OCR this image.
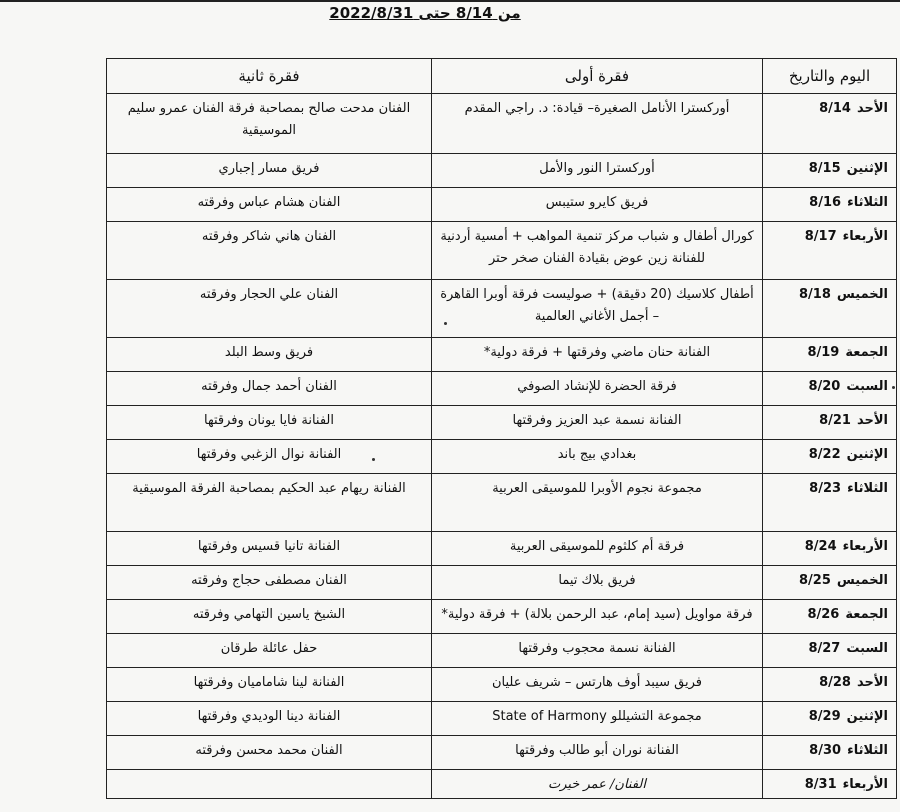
من 8/14 حتى 2022/8/31
اليوم والتاريخ	فقرة أولى	فقرة ثانية
الأحد8/14	أوركسترا الأنامل الصغيرة– قيادة: د. راجي المقدم	الفنان مدحت صالح بمصاحبة فرقة الفنان عمرو سليم الموسيقية
الإثنين8/15	أوركسترا النور والأمل	فريق مسار إجباري
الثلاثاء8/16	فريق كايرو ستيبس	الفنان هشام عباس وفرقته
الأربعاء8/17	كورال أطفال و شباب مركز تنمية المواهب + أمسية أردنية للفنانة زين عوض بقيادة الفنان صخر حتر	الفنان هاني شاكر وفرقته
الخميس8/18	أطفال كلاسيك (20 دقيقة) + صوليست فرقة أوبرا القاهرة – أجمل الأغاني العالمية	الفنان علي الحجار وفرقته
الجمعة8/19	الفنانة حنان ماضي وفرقتها + فرقة دولية*	فريق وسط البلد
السبت8/20	فرقة الحضرة للإنشاد الصوفي	الفنان أحمد جمال وفرقته
الأحد8/21	الفنانة نسمة عبد العزيز وفرقتها	الفنانة فايا يونان وفرقتها
الإثنين8/22	بغدادي بيج باند	الفنانة نوال الزغبي وفرقتها
الثلاثاء8/23	مجموعة نجوم الأوبرا للموسيقى العربية	الفنانة ريهام عبد الحكيم بمصاحبة الفرقة الموسيقية
الأربعاء8/24	فرقة أم كلثوم للموسيقى العربية	الفنانة تانيا قسيس وفرقتها
الخميس8/25	فريق بلاك تيما	الفنان مصطفى حجاج وفرقته
الجمعة8/26	فرقة مواويل (سيد إمام، عبد الرحمن بلالة) + فرقة دولية*	الشيخ ياسين التهامي وفرقته
السبت8/27	الفنانة نسمة محجوب وفرقتها	حفل عائلة طرقان
الأحد8/28	فريق سيبد أوف هارتس – شريف عليان	الفنانة لينا شاماميان وفرقتها
الإثنين8/29	مجموعة التشيللو State of Harmony	الفنانة دينا الوديدي وفرقتها
الثلاثاء8/30	الفنانة نوران أبو طالب وفرقتها	الفنان محمد محسن وفرقته
الأربعاء8/31	الفنان/ عمر خيرت	
